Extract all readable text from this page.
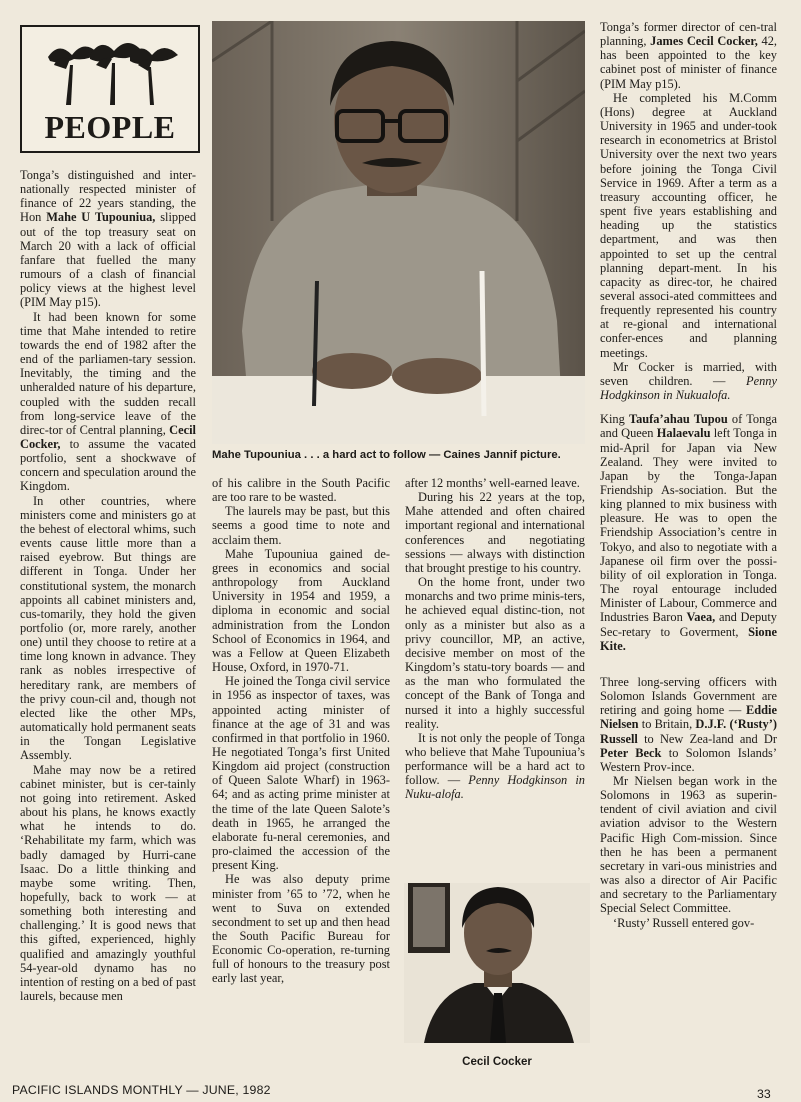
PEOPLE
Mahe Tupouniua . . . a hard act to follow — Caines Jannif picture.

Tonga’s distinguished and inter-nationally respected minister of finance of 22 years standing, the Hon Mahe U Tupouniua, slipped out of the top treasury seat on March 20 with a lack of official fanfare that fuelled the many rumours of a clash of financial policy views at the highest level (PIM May p15).

It had been known for some time that Mahe intended to retire towards the end of 1982 after the end of the parliamen-tary session. Inevitably, the timing and the unheralded nature of his departure, coupled with the sudden recall from long-service leave of the direc-tor of Central planning, Cecil Cocker, to assume the vacated portfolio, sent a shockwave of concern and speculation around the Kingdom.

In other countries, where ministers come and ministers go at the behest of electoral whims, such events cause little more than a raised eyebrow. But things are different in Tonga. Under her constitutional system, the monarch appoints all cabinet ministers and, cus-tomarily, they hold the given portfolio (or, more rarely, another one) until they choose to retire at a time long known in advance. They rank as nobles irrespective of hereditary rank, are members of the privy coun-cil and, though not elected like the other MPs, automatically hold permanent seats in the Tongan Legislative Assembly.

Mahe may now be a retired cabinet minister, but is cer-tainly not going into retirement. Asked about his plans, he knows exactly what he intends to do. ‘Rehabilitate my farm, which was badly damaged by Hurri-cane Isaac. Do a little thinking and maybe some writing. Then, hopefully, back to work — at something both interesting and challenging.’ It is good news that this gifted, experienced, highly qualified and amazingly youthful 54-year-old dynamo has no intention of resting on a bed of past laurels, because men

of his calibre in the South Pacific are too rare to be wasted.

The laurels may be past, but this seems a good time to note and acclaim them.

Mahe Tupouniua gained de-grees in economics and social anthropology from Auckland University in 1954 and 1959, a diploma in economic and social administration from the London School of Economics in 1964, and was a Fellow at Queen Elizabeth House, Oxford, in 1970-71.

He joined the Tonga civil service in 1956 as inspector of taxes, was appointed acting minister of finance at the age of 31 and was confirmed in that portfolio in 1960. He negotiated Tonga’s first United Kingdom aid project (construction of Queen Salote Wharf) in 1963-64; and as acting prime minister at the time of the late Queen Salote’s death in 1965, he arranged the elaborate fu-neral ceremonies, and pro-claimed the accession of the present King.

He was also deputy prime minister from ’65 to ’72, when he went to Suva on extended secondment to set up and then head the South Pacific Bureau for Economic Co-operation, re-turning full of honours to the treasury post early last year,

after 12 months’ well-earned leave.

During his 22 years at the top, Mahe attended and often chaired important regional and international conferences and negotiating sessions — always with distinction that brought prestige to his country.

On the home front, under two monarchs and two prime minis-ters, he achieved equal distinc-tion, not only as a minister but also as a privy councillor, MP, an active, decisive member on most of the Kingdom’s statu-tory boards — and as the man who formulated the concept of the Bank of Tonga and nursed it into a highly successful reality.

It is not only the people of Tonga who believe that Mahe Tupouniua’s performance will be a hard act to follow. — Penny Hodgkinson in Nuku-alofa.

Cecil Cocker

Tonga’s former director of cen-tral planning, James Cecil Cocker, 42, has been appointed to the key cabinet post of minister of finance (PIM May p15).

He completed his M.Comm (Hons) degree at Auckland University in 1965 and under-took research in econometrics at Bristol University over the next two years before joining the Tonga Civil Service in 1969. After a term as a treasury accounting officer, he spent five years establishing and heading up the statistics department, and was then appointed to set up the central planning depart-ment. In his capacity as direc-tor, he chaired several associ-ated committees and frequently represented his country at re-gional and international confer-ences and planning meetings.

Mr Cocker is married, with seven children. — Penny Hodgkinson in Nukualofa.

King Taufa’ahau Tupou of Tonga and Queen Halaevalu left Tonga in mid-April for Japan via New Zealand. They were invited to Japan by the Tonga-Japan Friendship As-sociation. But the king planned to mix business with pleasure. He was to open the Friendship Association’s centre in Tokyo, and also to negotiate with a Japanese oil firm over the possi-bility of oil exploration in Tonga. The royal entourage included Minister of Labour, Commerce and Industries Baron Vaea, and Deputy Sec-retary to Goverment, Sione Kite.

Three long-serving officers with Solomon Islands Government are retiring and going home — Eddie Nielsen to Britain, D.J.F. (‘Rusty’) Russell to New Zea-land and Dr Peter Beck to Solomon Islands’ Western Prov-ince.

Mr Nielsen began work in the Solomons in 1963 as superin-tendent of civil aviation and civil aviation advisor to the Western Pacific High Com-mission. Since then he has been a permanent secretary in vari-ous ministries and was also a director of Air Pacific and secretary to the Parliamentary Special Select Committee.

‘Rusty’ Russell entered gov-

PACIFIC ISLANDS MONTHLY — JUNE, 1982	33
